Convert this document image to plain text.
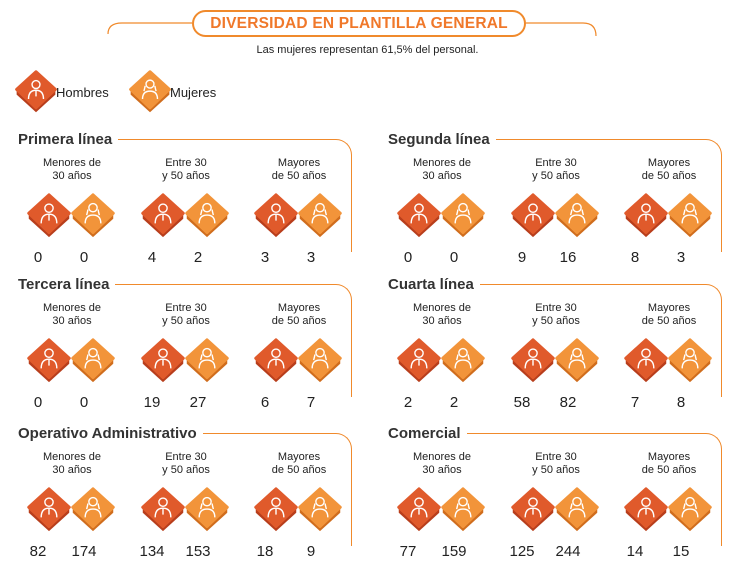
DIVERSIDAD EN PLANTILLA GENERAL
Las mujeres representan 61,5% del personal.
Hombres	Mujeres
Primera línea
Menores de
30 años
0	0
Entre 30
y 50 años
4	2
Mayores
de 50 años
3	3
Segunda línea
Menores de
30 años
0	0
Entre 30
y 50 años
9	16
Mayores
de 50 años
8	3
Tercera línea
Menores de
30 años
0	0
Entre 30
y 50 años
19	27
Mayores
de 50 años
6	7
Cuarta línea
Menores de
30 años
2	2
Entre 30
y 50 años
58	82
Mayores
de 50 años
7	8
Operativo Administrativo
Menores de
30 años
82	174
Entre 30
y 50 años
134	153
Mayores
de 50 años
18	9
Comercial
Menores de
30 años
77	159
Entre 30
y 50 años
125	244
Mayores
de 50 años
14	15
